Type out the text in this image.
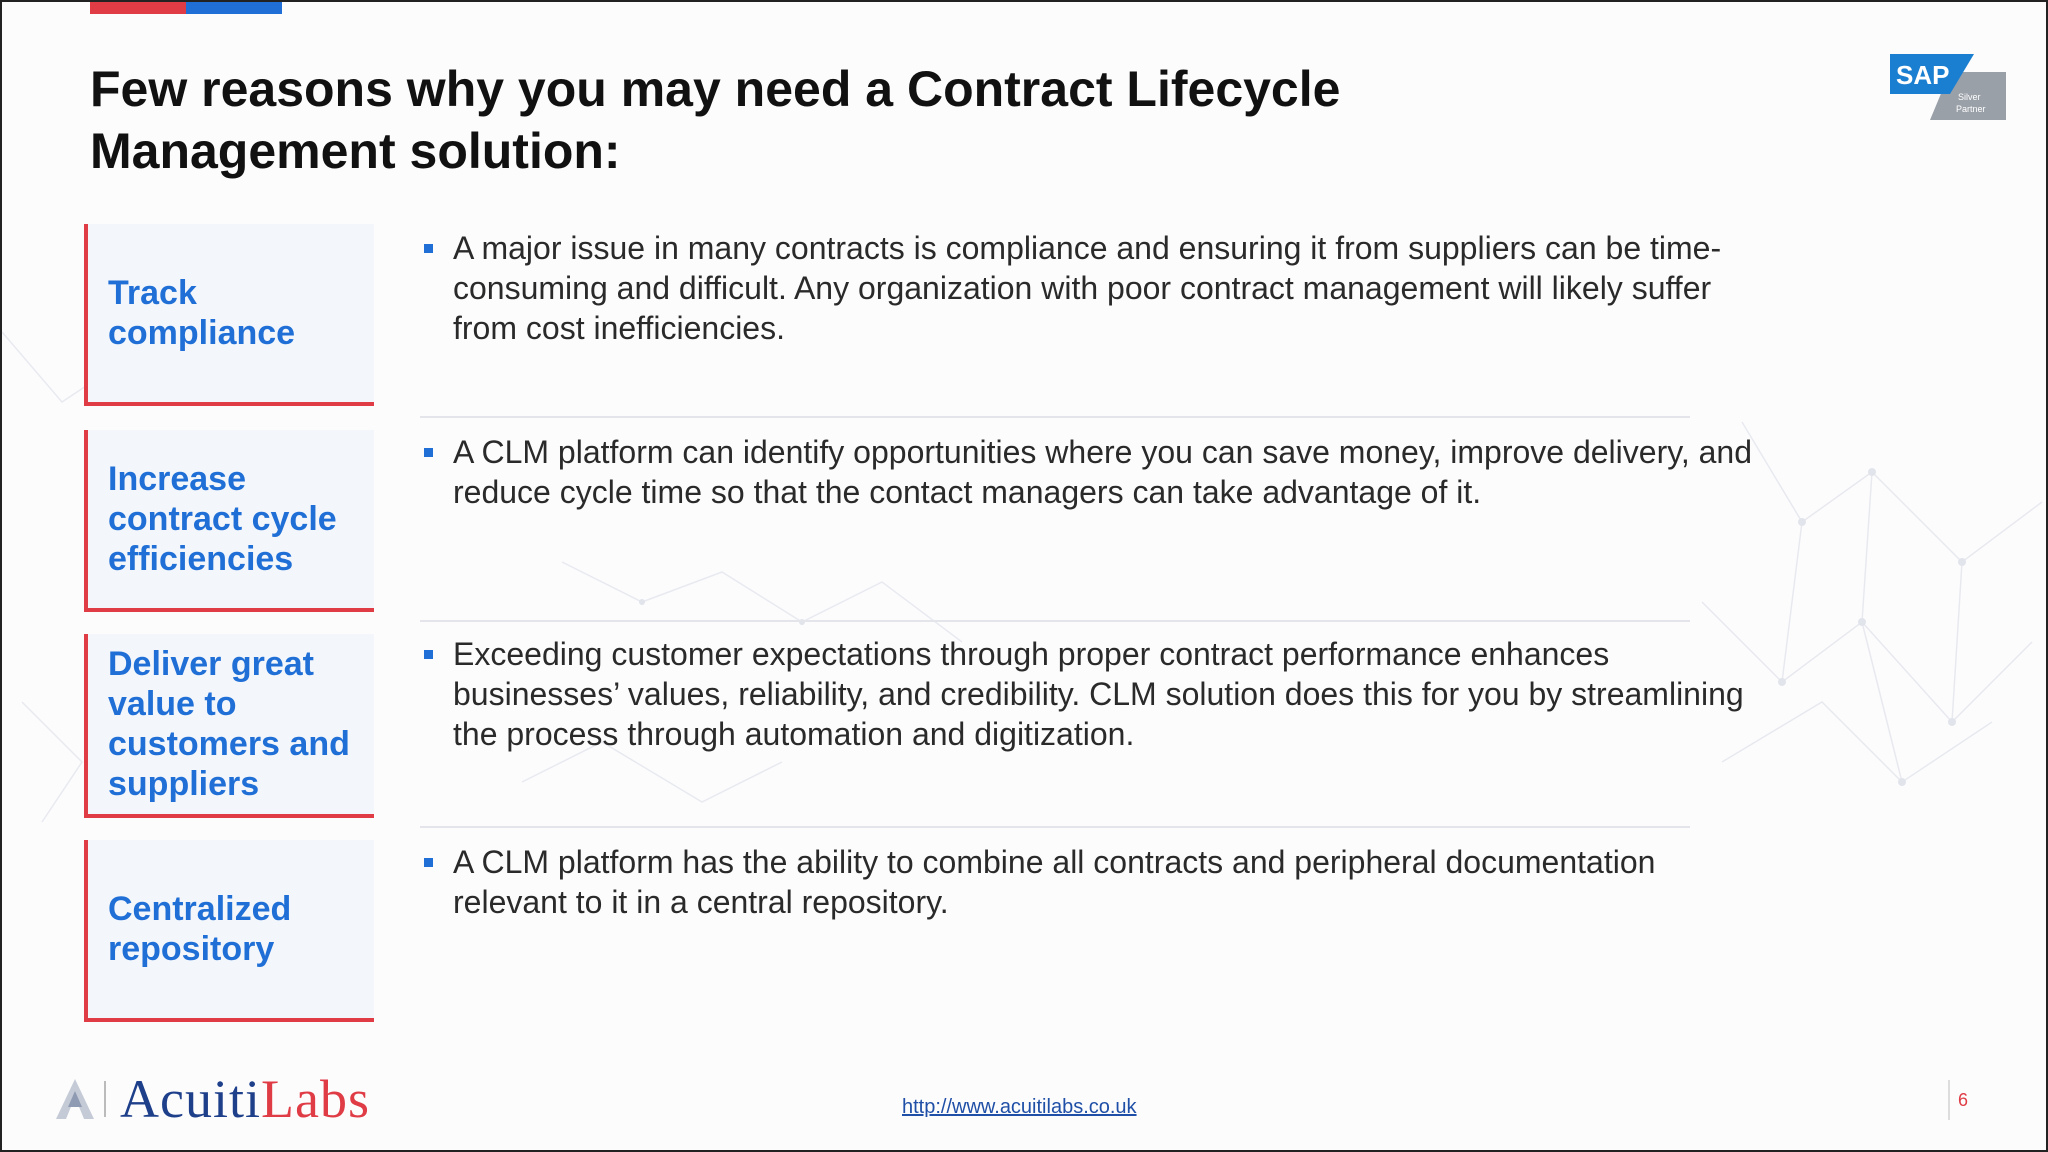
Few reasons why you may need a Contract Lifecycle Management solution:
SAP
Silver
Partner
Track
compliance
A major issue in many contracts is compliance and ensuring it from suppliers can be time-consuming and difficult. Any organization with poor contract management will likely suffer from cost inefficiencies.
Increase
contract cycle
efficiencies
A CLM platform can identify opportunities where you can save money, improve delivery, and reduce cycle time so that the contact managers can take advantage of it.
Deliver great
value to
customers and
suppliers
Exceeding customer expectations through proper contract performance enhances businesses’ values, reliability, and credibility. CLM solution does this for you by streamlining the process through automation and digitization.
Centralized
repository
A CLM platform has the ability to combine all contracts and peripheral documentation relevant to it in a central repository.
AcuitiLabs	http://www.acuitilabs.co.uk	6
